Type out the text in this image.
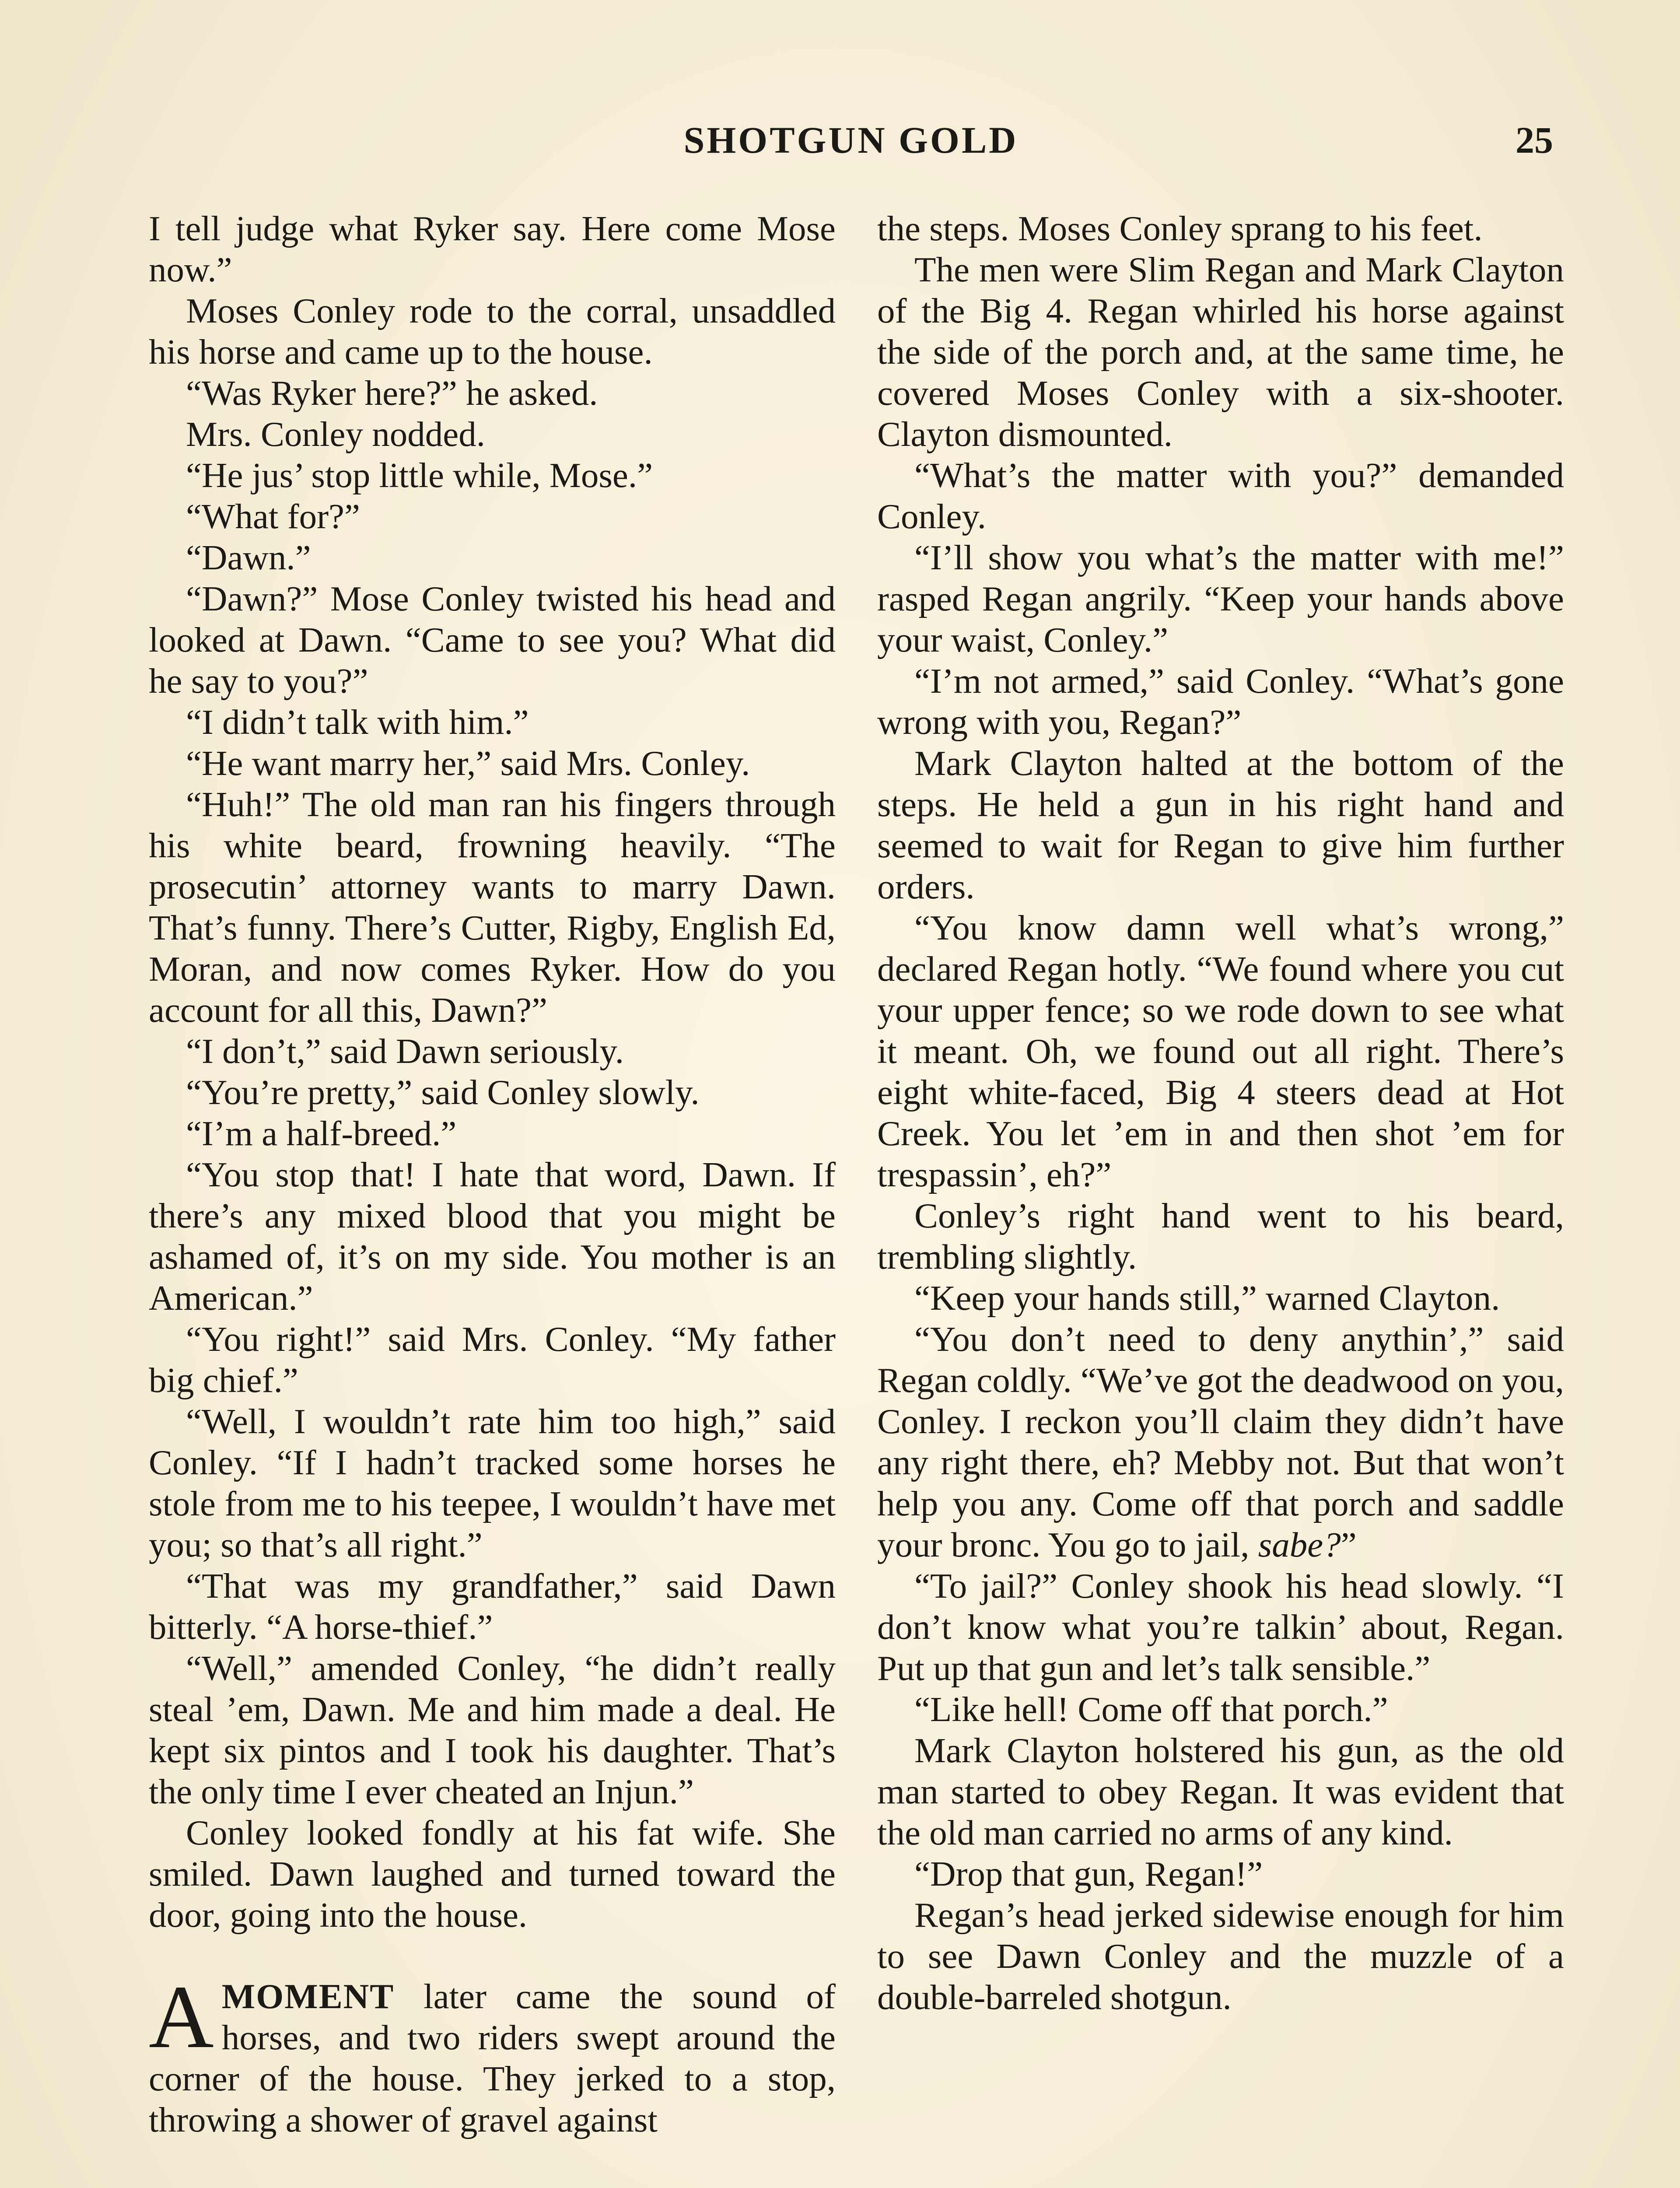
SHOTGUN GOLD	25

I tell judge what Ryker say. Here come Mose now.”

Moses Conley rode to the corral, unsaddled his horse and came up to the house.

“Was Ryker here?” he asked.

Mrs. Conley nodded.

“He jus’ stop little while, Mose.”

“What for?”

“Dawn.”

“Dawn?” Mose Conley twisted his head and looked at Dawn. “Came to see you? What did he say to you?”

“I didn’t talk with him.”

“He want marry her,” said Mrs. Conley.

“Huh!” The old man ran his fingers through his white beard, frowning heavily. “The prosecutin’ attorney wants to marry Dawn. That’s funny. There’s Cutter, Rigby, English Ed, Moran, and now comes Ryker. How do you account for all this, Dawn?”

“I don’t,” said Dawn seriously.

“You’re pretty,” said Conley slowly.

“I’m a half-breed.”

“You stop that! I hate that word, Dawn. If there’s any mixed blood that you might be ashamed of, it’s on my side. You mother is an American.”

“You right!” said Mrs. Conley. “My father big chief.”

“Well, I wouldn’t rate him too high,” said Conley. “If I hadn’t tracked some horses he stole from me to his teepee, I wouldn’t have met you; so that’s all right.”

“That was my grandfather,” said Dawn bitterly. “A horse-thief.”

“Well,” amended Conley, “he didn’t really steal ’em, Dawn. Me and him made a deal. He kept six pintos and I took his daughter. That’s the only time I ever cheated an Injun.”

Conley looked fondly at his fat wife. She smiled. Dawn laughed and turned toward the door, going into the house.

AMOMENT later came the sound of horses, and two riders swept around the corner of the house. They jerked to a stop, throwing a shower of gravel against

the steps. Moses Conley sprang to his feet.

The men were Slim Regan and Mark Clayton of the Big 4. Regan whirled his horse against the side of the porch and, at the same time, he covered Moses Conley with a six-shooter. Clayton dismounted.

“What’s the matter with you?” demanded Conley.

“I’ll show you what’s the matter with me!” rasped Regan angrily. “Keep your hands above your waist, Conley.”

“I’m not armed,” said Conley. “What’s gone wrong with you, Regan?”

Mark Clayton halted at the bottom of the steps. He held a gun in his right hand and seemed to wait for Regan to give him further orders.

“You know damn well what’s wrong,” declared Regan hotly. “We found where you cut your upper fence; so we rode down to see what it meant. Oh, we found out all right. There’s eight white-faced, Big 4 steers dead at Hot Creek. You let ’em in and then shot ’em for trespassin’, eh?”

Conley’s right hand went to his beard, trembling slightly.

“Keep your hands still,” warned Clayton.

“You don’t need to deny anythin’,” said Regan coldly. “We’ve got the deadwood on you, Conley. I reckon you’ll claim they didn’t have any right there, eh? Mebby not. But that won’t help you any. Come off that porch and saddle your bronc. You go to jail, sabe?”

“To jail?” Conley shook his head slowly. “I don’t know what you’re talkin’ about, Regan. Put up that gun and let’s talk sensible.”

“Like hell! Come off that porch.”

Mark Clayton holstered his gun, as the old man started to obey Regan. It was evident that the old man carried no arms of any kind.

“Drop that gun, Regan!”

Regan’s head jerked sidewise enough for him to see Dawn Conley and the muzzle of a double-barreled shotgun.
